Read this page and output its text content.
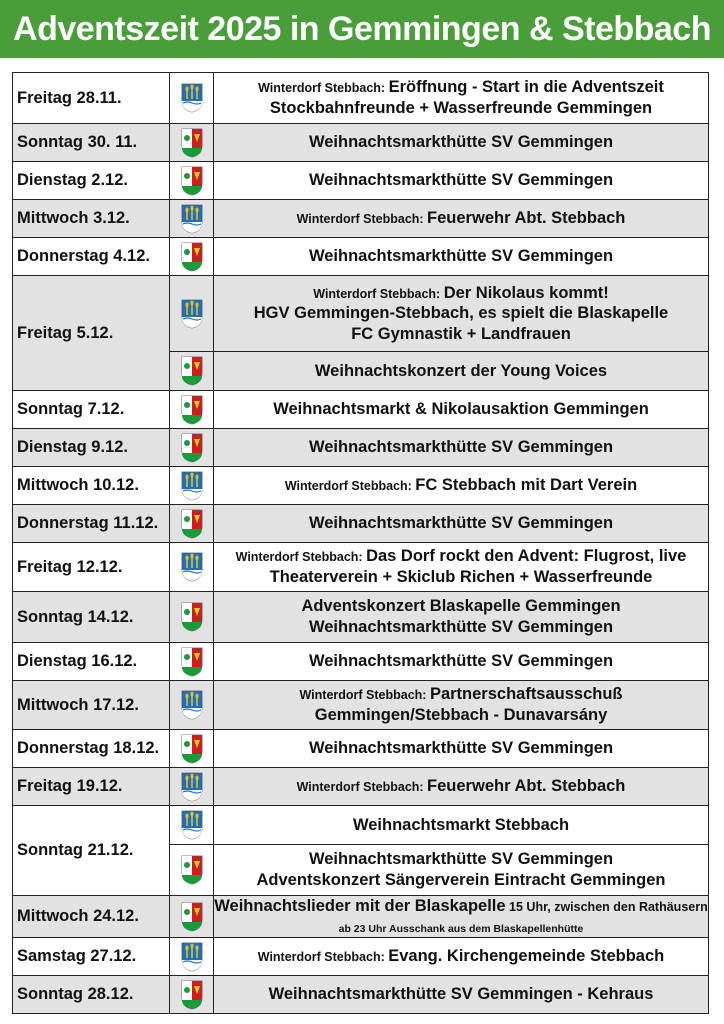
Adventszeit 2025 in Gemmingen & Stebbach
Freitag 28.11.		Winterdorf Stebbach: Eröffnung - Start in die Adventszeit
Stockbahnfreunde + Wasserfreunde Gemmingen
Sonntag 30. 11.		Weihnachtsmarkthütte SV Gemmingen
Dienstag 2.12.		Weihnachtsmarkthütte SV Gemmingen
Mittwoch 3.12.		Winterdorf Stebbach: Feuerwehr Abt. Stebbach
Donnerstag 4.12.		Weihnachtsmarkthütte SV Gemmingen
Freitag 5.12.		Winterdorf Stebbach: Der Nikolaus kommt!
HGV Gemmingen-Stebbach, es spielt die Blaskapelle
FC Gymnastik + Landfrauen
	Weihnachtskonzert der Young Voices
Sonntag 7.12.		Weihnachtsmarkt & Nikolausaktion Gemmingen
Dienstag 9.12.		Weihnachtsmarkthütte SV Gemmingen
Mittwoch 10.12.		Winterdorf Stebbach: FC Stebbach mit Dart Verein
Donnerstag 11.12.		Weihnachtsmarkthütte SV Gemmingen
Freitag 12.12.		Winterdorf Stebbach: Das Dorf rockt den Advent: Flugrost, live
Theaterverein + Skiclub Richen + Wasserfreunde
Sonntag 14.12.		Adventskonzert Blaskapelle Gemmingen
Weihnachtsmarkthütte SV Gemmingen
Dienstag 16.12.		Weihnachtsmarkthütte SV Gemmingen
Mittwoch 17.12.		Winterdorf Stebbach: Partnerschaftsausschuß
Gemmingen/Stebbach - Dunavarsány
Donnerstag 18.12.		Weihnachtsmarkthütte SV Gemmingen
Freitag 19.12.		Winterdorf Stebbach: Feuerwehr Abt. Stebbach
Sonntag 21.12.		Weihnachtsmarkt Stebbach
	Weihnachtsmarkthütte SV Gemmingen
Adventskonzert Sängerverein Eintracht Gemmingen
Mittwoch 24.12.		Weihnachtslieder mit der Blaskapelle 15 Uhr, zwischen den Rathäusern
ab 23 Uhr Ausschank aus dem Blaskapellenhütte
Samstag 27.12.		Winterdorf Stebbach: Evang. Kirchengemeinde Stebbach
Sonntag 28.12.		Weihnachtsmarkthütte SV Gemmingen - Kehraus
